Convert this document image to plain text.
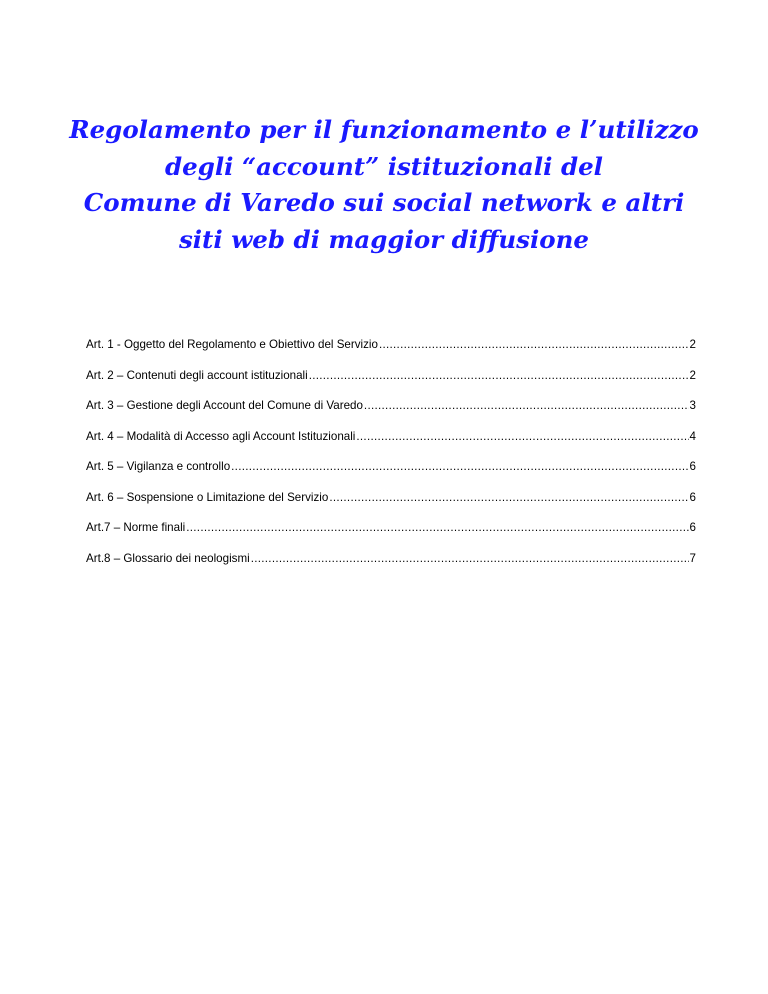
Regolamento per il funzionamento e l’utilizzo
degli “account” istituzionali del
Comune di Varedo sui social network e altri
siti web di maggior diffusione
Art. 1 - Oggetto del Regolamento e Obiettivo del Servizio .....	2
Art. 2 – Contenuti degli account istituzionali .....	2
Art. 3 – Gestione degli Account del Comune di Varedo .....	3
Art. 4 – Modalità di Accesso agli Account Istituzionali .....	4
Art. 5 – Vigilanza e controllo .....	6
Art. 6 – Sospensione o Limitazione del Servizio .....	6
Art.7 – Norme finali .....	6
Art.8 – Glossario dei neologismi .....	7
